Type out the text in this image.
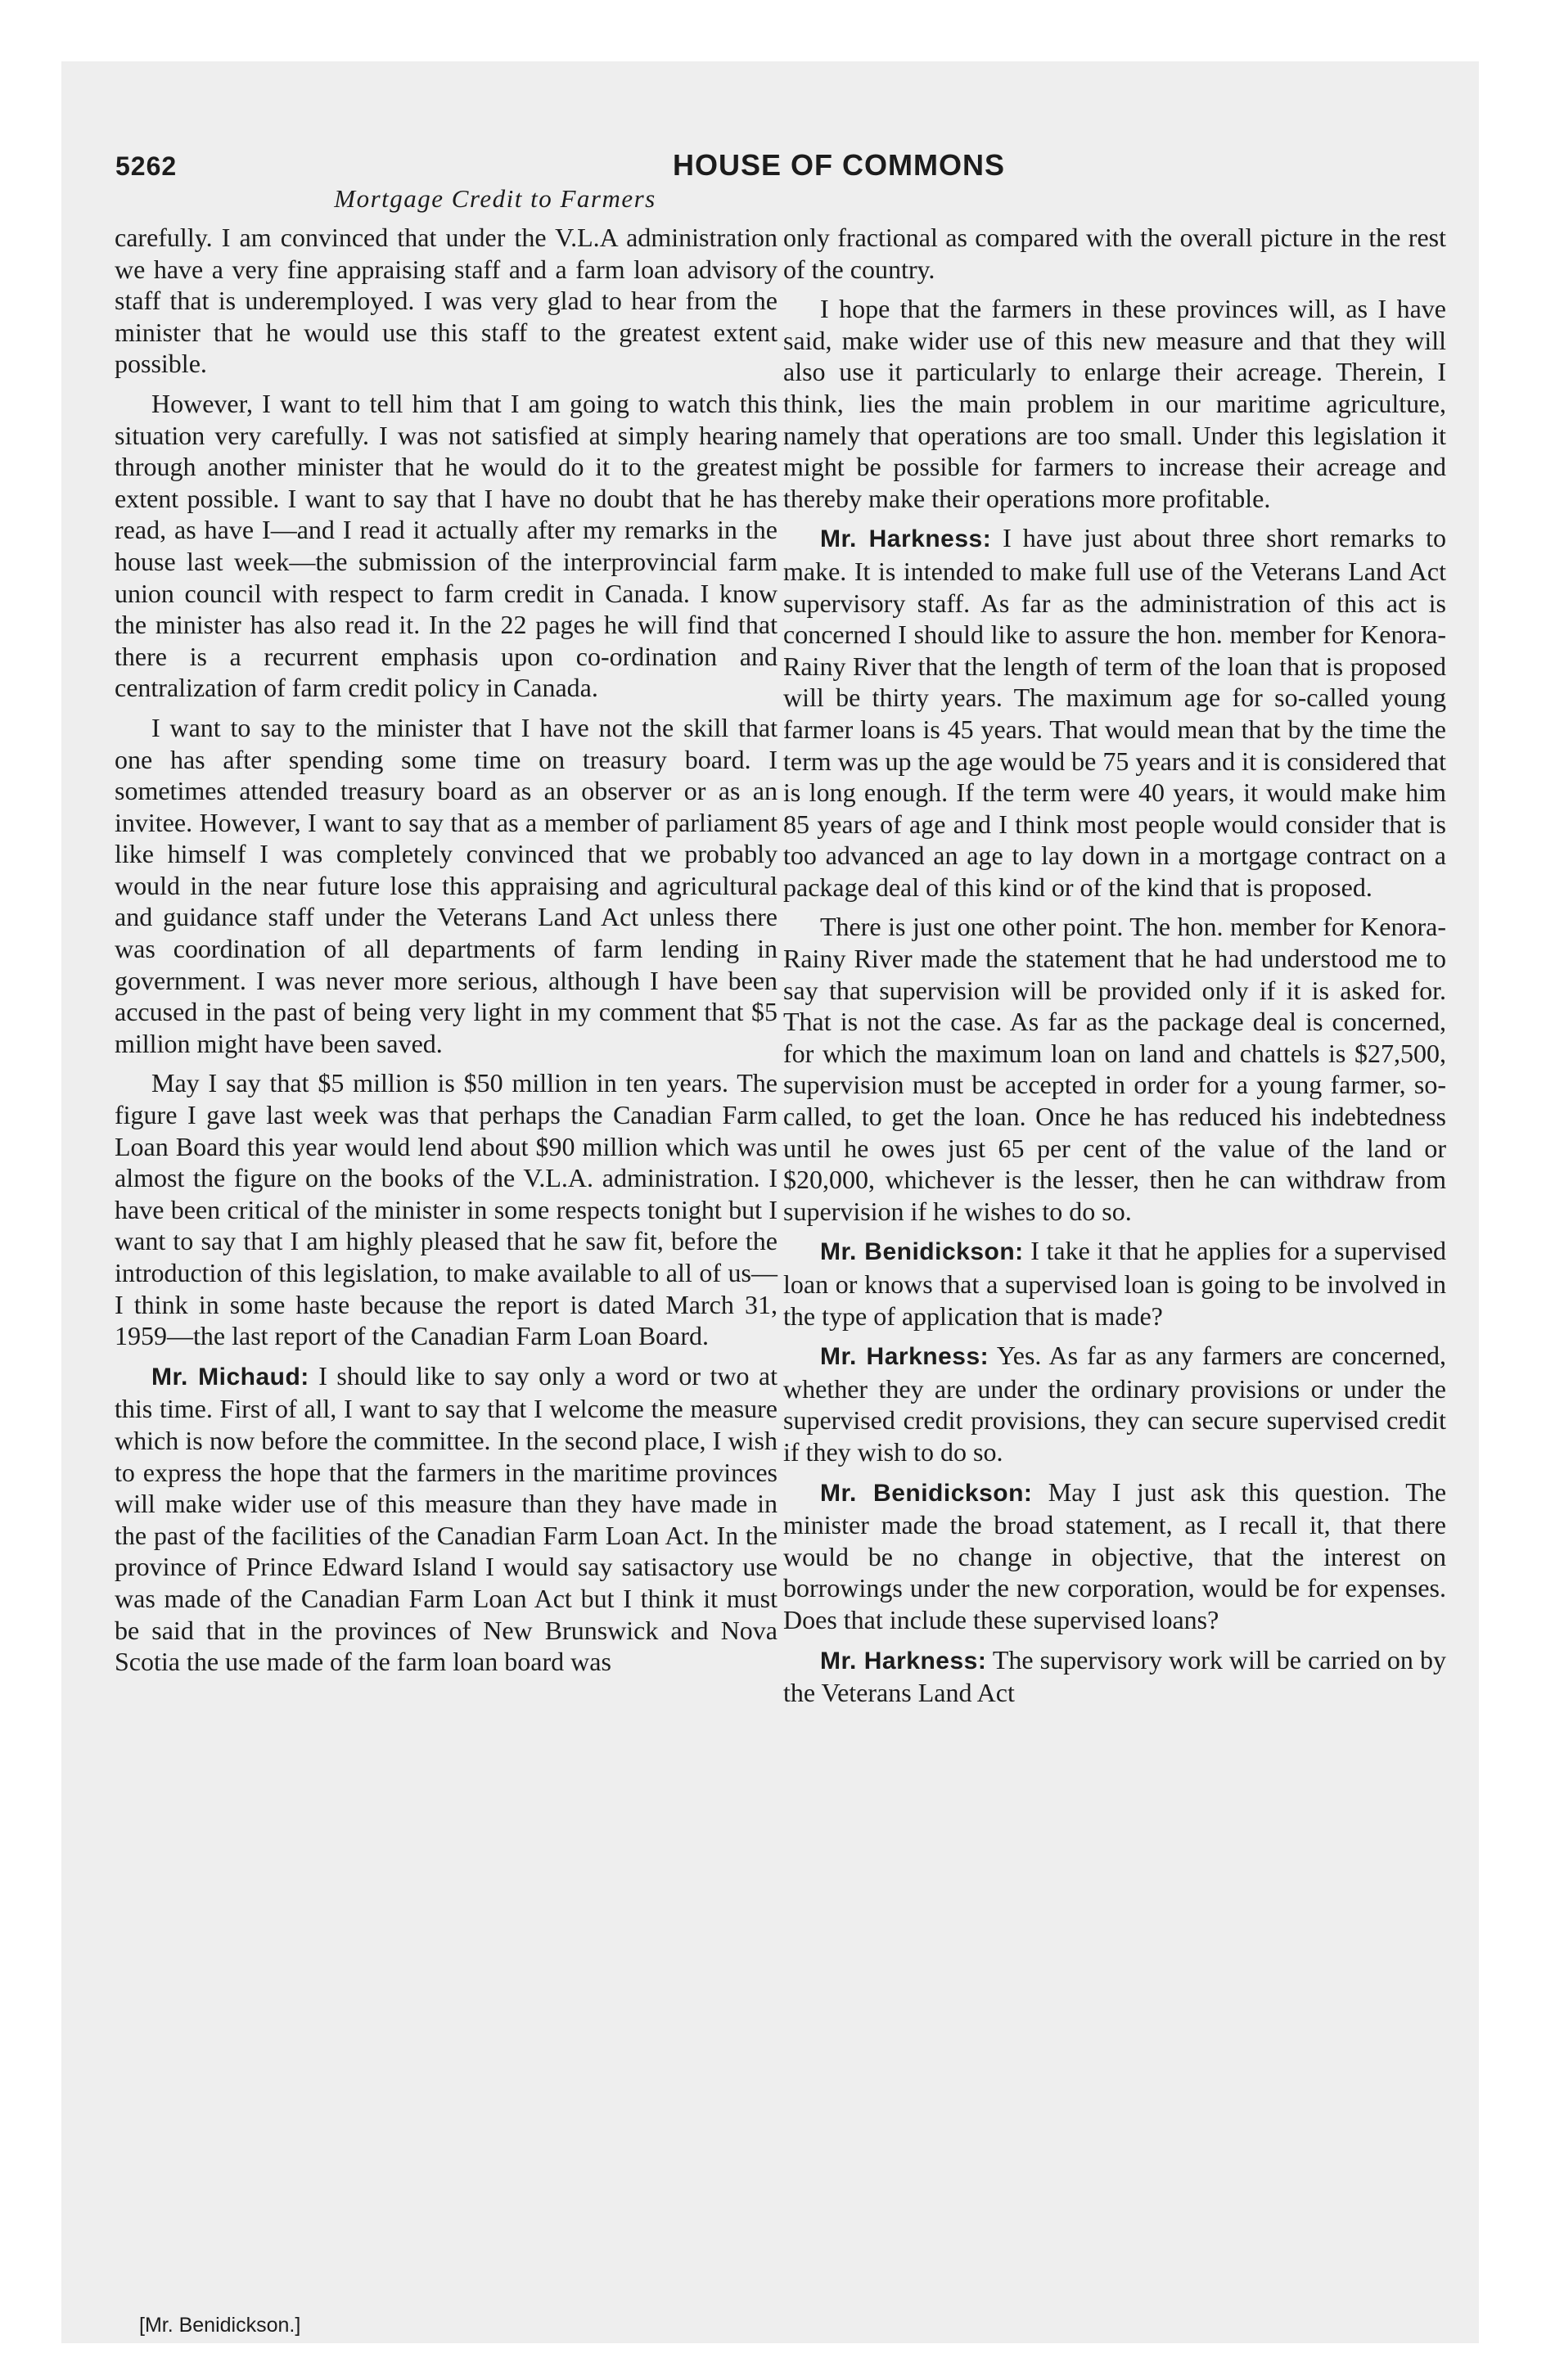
5262	HOUSE OF COMMONS
Mortgage Credit to Farmers

carefully. I am convinced that under the V.L.A administration we have a very fine appraising staff and a farm loan advisory staff that is underemployed. I was very glad to hear from the minister that he would use this staff to the greatest extent possible.

However, I want to tell him that I am going to watch this situation very carefully. I was not satisfied at simply hearing through another minister that he would do it to the greatest extent possible. I want to say that I have no doubt that he has read, as have I—and I read it actually after my remarks in the house last week—the submission of the interprovincial farm union council with respect to farm credit in Canada. I know the minister has also read it. In the 22 pages he will find that there is a recurrent emphasis upon co-ordination and centralization of farm credit policy in Canada.

I want to say to the minister that I have not the skill that one has after spending some time on treasury board. I sometimes attended treasury board as an observer or as an invitee. However, I want to say that as a member of parliament like himself I was completely convinced that we probably would in the near future lose this appraising and agricultural and guidance staff under the Veterans Land Act unless there was coordination of all departments of farm lending in government. I was never more serious, although I have been accused in the past of being very light in my comment that $5 million might have been saved.

May I say that $5 million is $50 million in ten years. The figure I gave last week was that perhaps the Canadian Farm Loan Board this year would lend about $90 million which was almost the figure on the books of the V.L.A. administration. I have been critical of the minister in some respects tonight but I want to say that I am highly pleased that he saw fit, before the introduction of this legislation, to make available to all of us—I think in some haste because the report is dated March 31, 1959—the last report of the Canadian Farm Loan Board.

Mr. Michaud: I should like to say only a word or two at this time. First of all, I want to say that I welcome the measure which is now before the committee. In the second place, I wish to express the hope that the farmers in the maritime provinces will make wider use of this measure than they have made in the past of the facilities of the Canadian Farm Loan Act. In the province of Prince Edward Island I would say satisactory use was made of the Canadian Farm Loan Act but I think it must be said that in the provinces of New Brunswick and Nova Scotia the use made of the farm loan board was

only fractional as compared with the overall picture in the rest of the country.

I hope that the farmers in these provinces will, as I have said, make wider use of this new measure and that they will also use it particularly to enlarge their acreage. Therein, I think, lies the main problem in our maritime agriculture, namely that operations are too small. Under this legislation it might be possible for farmers to increase their acreage and thereby make their operations more profitable.

Mr. Harkness: I have just about three short remarks to make. It is intended to make full use of the Veterans Land Act supervisory staff. As far as the administration of this act is concerned I should like to assure the hon. member for Kenora-Rainy River that the length of term of the loan that is proposed will be thirty years. The maximum age for so-called young farmer loans is 45 years. That would mean that by the time the term was up the age would be 75 years and it is considered that is long enough. If the term were 40 years, it would make him 85 years of age and I think most people would consider that is too advanced an age to lay down in a mortgage contract on a package deal of this kind or of the kind that is proposed.

There is just one other point. The hon. member for Kenora-Rainy River made the statement that he had understood me to say that supervision will be provided only if it is asked for. That is not the case. As far as the package deal is concerned, for which the maximum loan on land and chattels is $27,500, supervision must be accepted in order for a young farmer, so-called, to get the loan. Once he has reduced his indebtedness until he owes just 65 per cent of the value of the land or $20,000, whichever is the lesser, then he can withdraw from supervision if he wishes to do so.

Mr. Benidickson: I take it that he applies for a supervised loan or knows that a supervised loan is going to be involved in the type of application that is made?

Mr. Harkness: Yes. As far as any farmers are concerned, whether they are under the ordinary provisions or under the supervised credit provisions, they can secure supervised credit if they wish to do so.

Mr. Benidickson: May I just ask this question. The minister made the broad statement, as I recall it, that there would be no change in objective, that the interest on borrowings under the new corporation, would be for expenses. Does that include these supervised loans?

Mr. Harkness: The supervisory work will be carried on by the Veterans Land Act

[Mr. Benidickson.]
